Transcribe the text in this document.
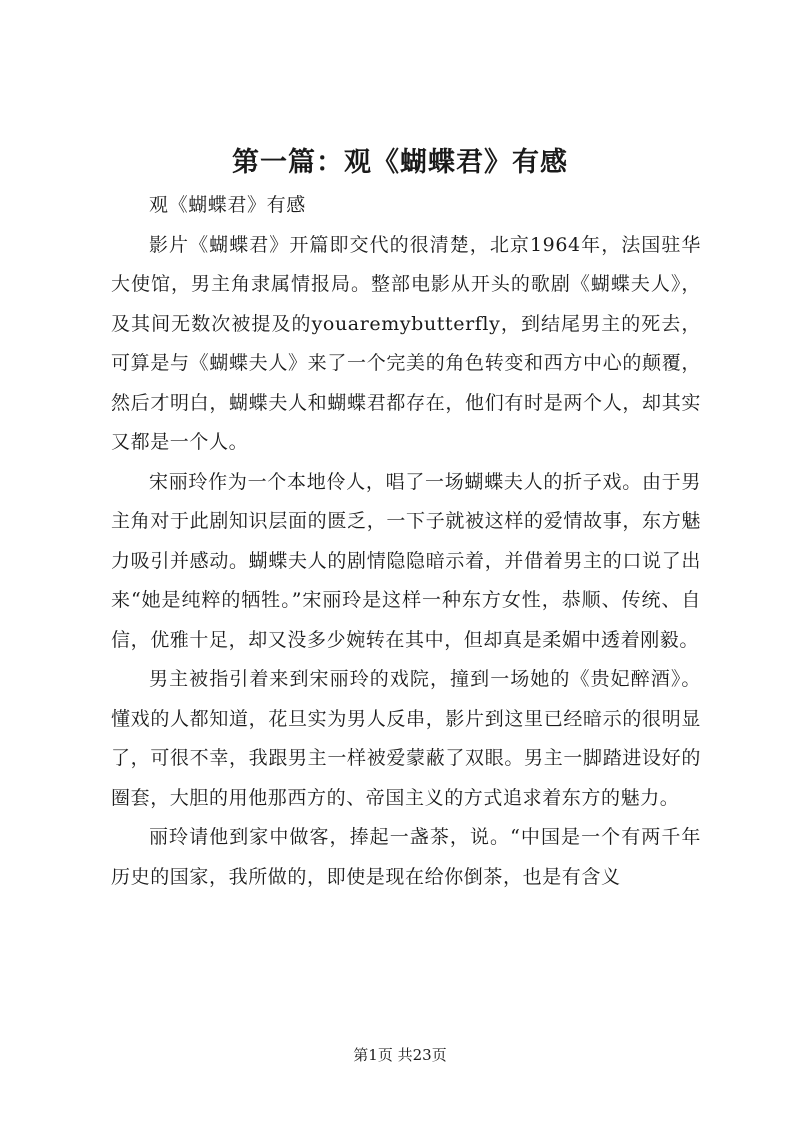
第一篇：观《蝴蝶君》有感

观《蝴蝶君》有感

影片《蝴蝶君》开篇即交代的很清楚，北京1964年，法国驻华大使馆，男主角隶属情报局。整部电影从开头的歌剧《蝴蝶夫人》，及其间无数次被提及的youaremybutterfly，到结尾男主的死去，可算是与《蝴蝶夫人》来了一个完美的角色转变和西方中心的颠覆，然后才明白，蝴蝶夫人和蝴蝶君都存在，他们有时是两个人，却其实又都是一个人。

宋丽玲作为一个本地伶人，唱了一场蝴蝶夫人的折子戏。由于男主角对于此剧知识层面的匮乏，一下子就被这样的爱情故事，东方魅力吸引并感动。蝴蝶夫人的剧情隐隐暗示着，并借着男主的口说了出来“她是纯粹的牺牲。”宋丽玲是这样一种东方女性，恭顺、传统、自信，优雅十足，却又没多少婉转在其中，但却真是柔媚中透着刚毅。

男主被指引着来到宋丽玲的戏院，撞到一场她的《贵妃醉酒》。懂戏的人都知道，花旦实为男人反串，影片到这里已经暗示的很明显了，可很不幸，我跟男主一样被爱蒙蔽了双眼。男主一脚踏进设好的圈套，大胆的用他那西方的、帝国主义的方式追求着东方的魅力。

丽玲请他到家中做客，捧起一盏茶，说。“中国是一个有两千年历史的国家，我所做的，即使是现在给你倒茶，也是有含义

第1页 共23页
